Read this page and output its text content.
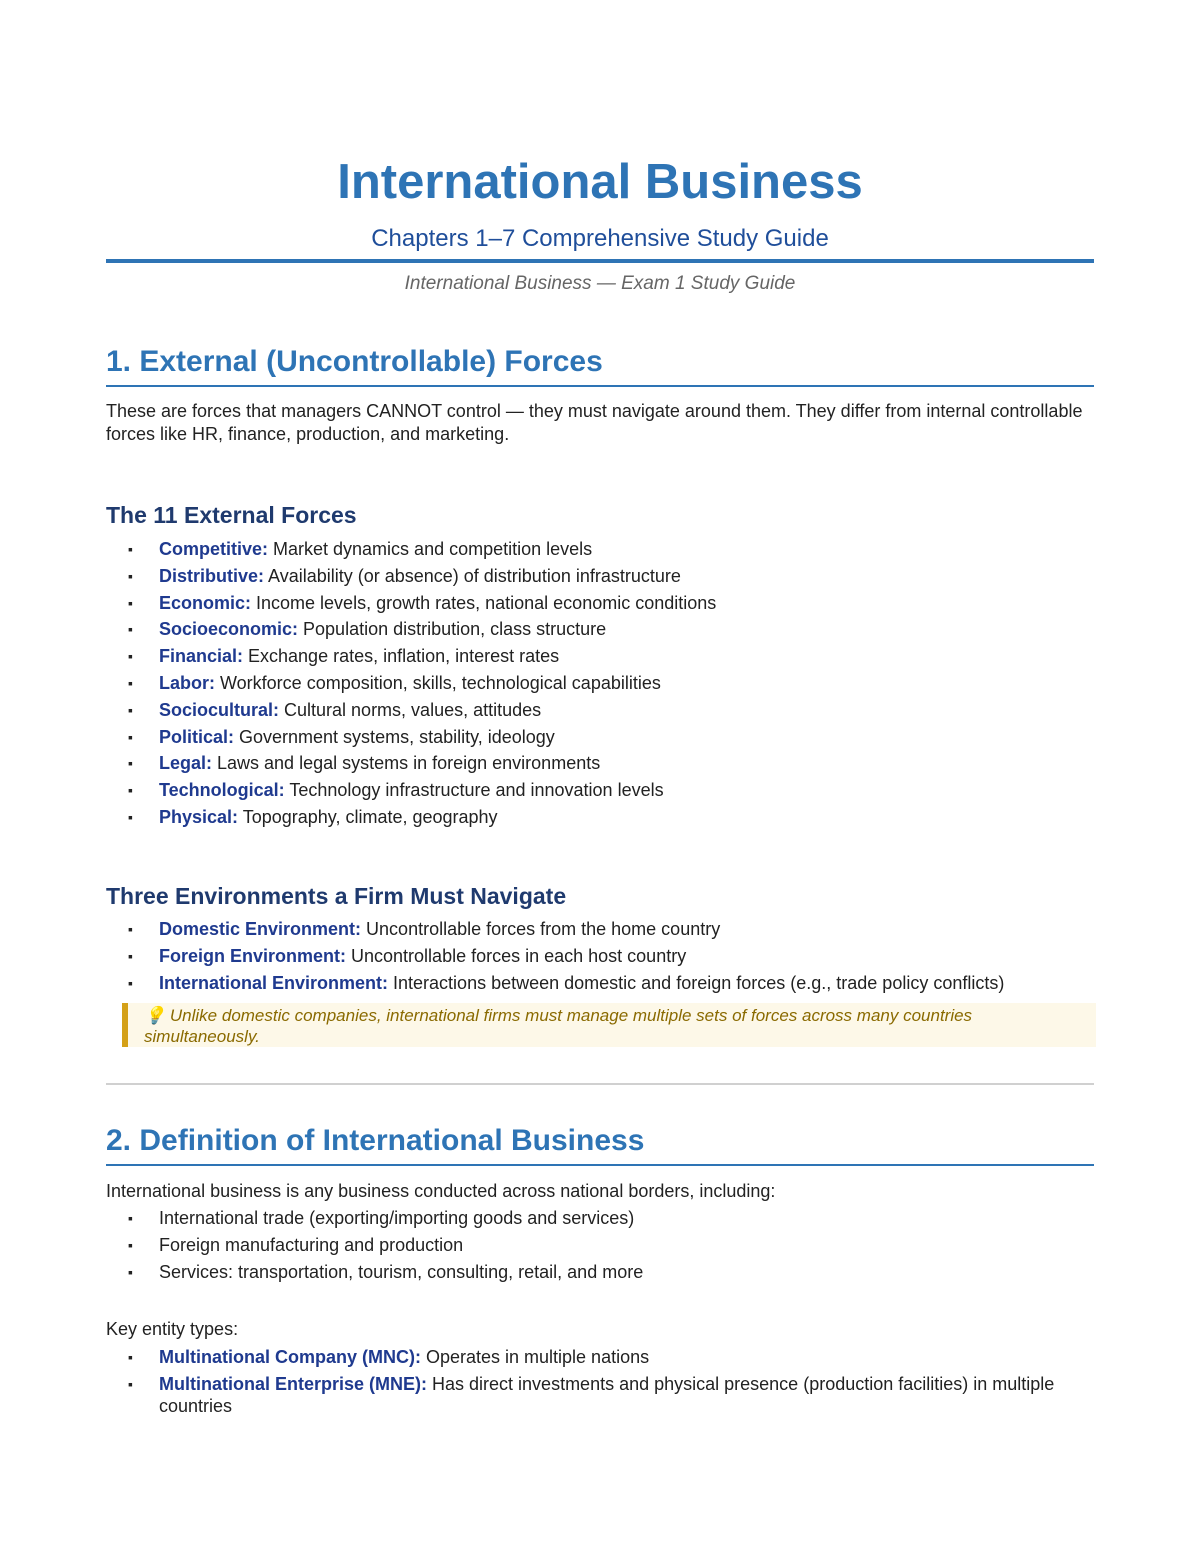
International Business
Chapters 1–7 Comprehensive Study Guide
International Business — Exam 1 Study Guide
1. External (Uncontrollable) Forces

These are forces that managers CANNOT control — they must navigate around them. They differ from internal controllable forces like HR, finance, production, and marketing.

The 11 External Forces
▪ Competitive: Market dynamics and competition levels
▪ Distributive: Availability (or absence) of distribution infrastructure
▪ Economic: Income levels, growth rates, national economic conditions
▪ Socioeconomic: Population distribution, class structure
▪ Financial: Exchange rates, inflation, interest rates
▪ Labor: Workforce composition, skills, technological capabilities
▪ Sociocultural: Cultural norms, values, attitudes
▪ Political: Government systems, stability, ideology
▪ Legal: Laws and legal systems in foreign environments
▪ Technological: Technology infrastructure and innovation levels
▪ Physical: Topography, climate, geography
Three Environments a Firm Must Navigate
▪ Domestic Environment: Uncontrollable forces from the home country
▪ Foreign Environment: Uncontrollable forces in each host country
▪ International Environment: Interactions between domestic and foreign forces (e.g., trade policy conflicts)
💡 Unlike domestic companies, international firms must manage multiple sets of forces across many countries simultaneously.
2. Definition of International Business

International business is any business conducted across national borders, including:

▪ International trade (exporting/importing goods and services)
▪ Foreign manufacturing and production
▪ Services: transportation, tourism, consulting, retail, and more

Key entity types:

▪ Multinational Company (MNC): Operates in multiple nations
▪ Multinational Enterprise (MNE): Has direct investments and physical presence (production facilities) in multiple countries
